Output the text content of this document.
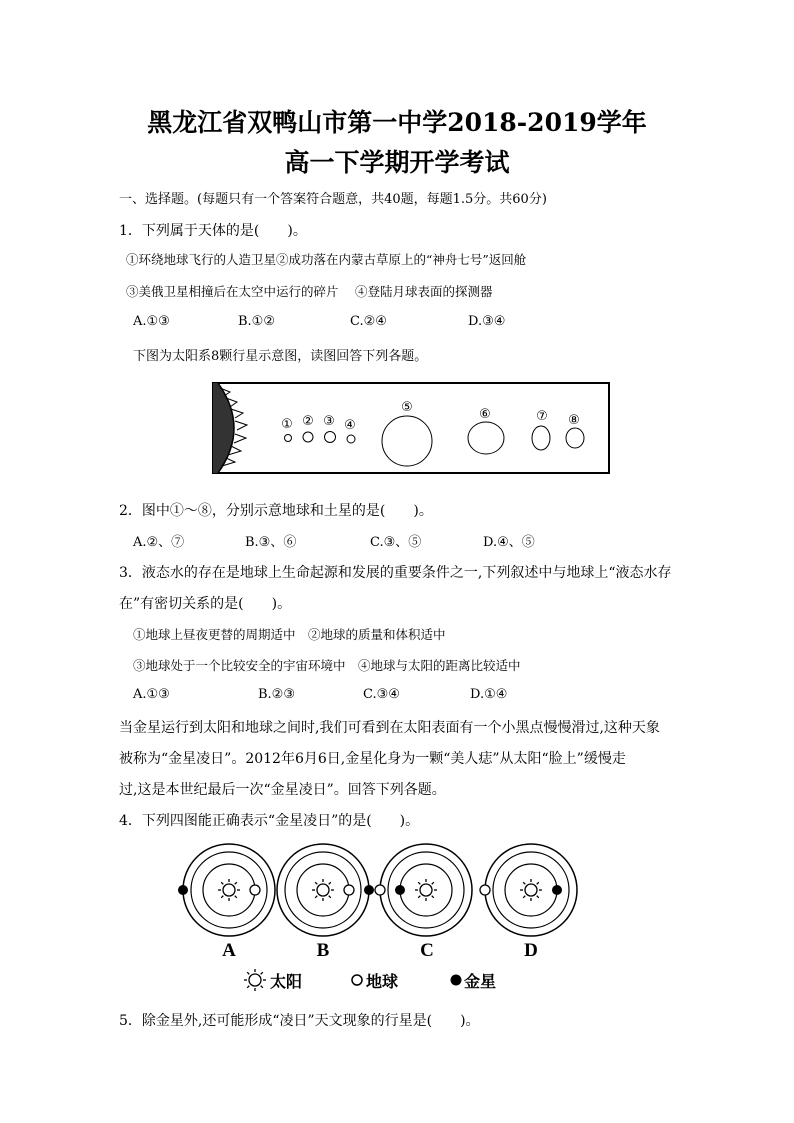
黑龙江省双鸭山市第一中学2018-2019学年
高一下学期开学考试
一、选择题。(每题只有一个答案符合题意，共40题，每题1.5分。共60分)
1．下列属于天体的是(　　)。
①环绕地球飞行的人造卫星②成功落在内蒙古草原上的“神舟七号”返回舱
③美俄卫星相撞后在太空中运行的碎片　 ④登陆月球表面的探测器
A.①③	B.①②	C.②④	D.③④
下图为太阳系8颗行星示意图，读图回答下列各题。
① ② ③ ④
⑤	⑥	⑦ ⑧
2．图中①～⑧，分别示意地球和土星的是(　　)。
A.②、⑦	B.③、⑥	C.③、⑤	D.④、⑤
3．液态水的存在是地球上生命起源和发展的重要条件之一,下列叙述中与地球上“液态水存
在”有密切关系的是(　　)。
①地球上昼夜更替的周期适中　②地球的质量和体积适中
③地球处于一个比较安全的宇宙环境中　④地球与太阳的距离比较适中
A.①③	B.②③	C.③④	D.①④
当金星运行到太阳和地球之间时,我们可看到在太阳表面有一个小黑点慢慢滑过,这种天象
被称为“金星凌日”。2012年6月6日,金星化身为一颗“美人痣”从太阳“脸上”缓慢走
过,这是本世纪最后一次“金星凌日”。回答下列各题。
4．下列四图能正确表示“金星凌日”的是(　　)。
A	B	C	D
太阳	地球	金星
5．除金星外,还可能形成“凌日”天文现象的行星是(　　)。
